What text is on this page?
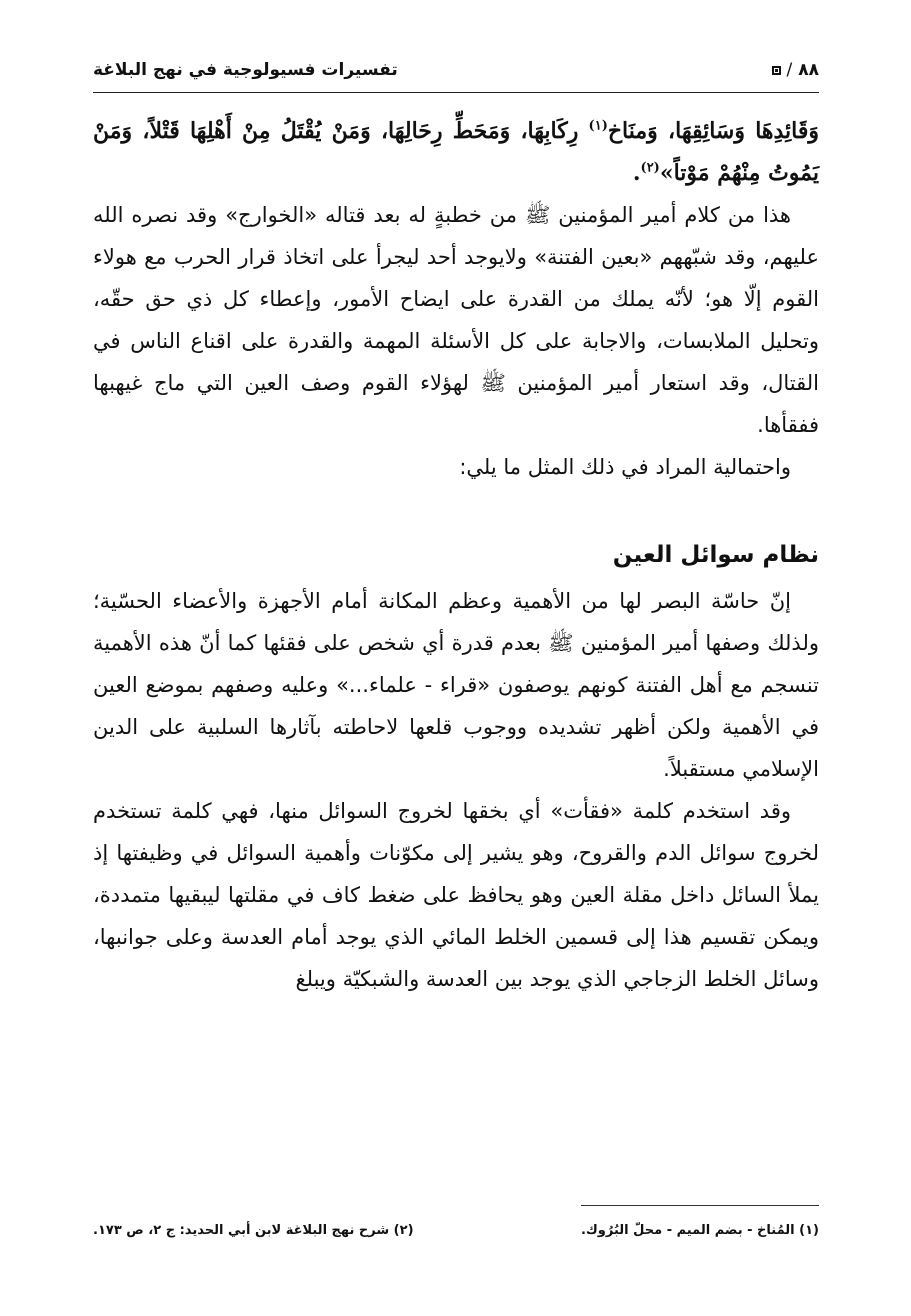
٨٨
/
تفسيرات فسيولوجية في نهج البلاغة

وَقَائِدِهَا وَسَائِقِهَا، وَمنَاخ$^{(١)}$ رِكَابِهَا، وَمَحَطِّ رِحَالِهَا، وَمَنْ يُقْتَلُ مِنْ أَهْلِهَا قَتْلاً، وَمَنْ يَمُوتُ مِنْهُمْ مَوْتاً»$^{(٢)}$.

هذا من كلام أمير المؤمنين ﷺ من خطبةٍ له بعد قتاله «الخوارج» وقد نصره الله عليهم، وقد شبّههم «بعين الفتنة» ولايوجد أحد ليجرأ على اتخاذ قرار الحرب مع هولاء القوم إلّا هو؛ لأنّه يملك من القدرة على ايضاح الأمور، وإعطاء كل ذي حق حقّه، وتحليل الملابسات، والاجابة على كل الأسئلة المهمة والقدرة على اقناع الناس في القتال، وقد استعار أمير المؤمنين ﷺ لهؤلاء القوم وصف العين التي ماج غيهبها ففقأها.

واحتمالية المراد في ذلك المثل ما يلي:

نظام سوائل العين

إنّ حاسّة البصر لها من الأهمية وعظم المكانة أمام الأجهزة والأعضاء الحسّية؛ ولذلك وصفها أمير المؤمنين ﷺ بعدم قدرة أي شخص على فقئها كما أنّ هذه الأهمية تنسجم مع أهل الفتنة كونهم يوصفون «قراء - علماء...» وعليه وصفهم بموضع العين في الأهمية ولكن أظهر تشديده ووجوب قلعها لاحاطته بآثارها السلبية على الدين الإسلامي مستقبلاً.

وقد استخدم كلمة «فقأت» أي بخقها لخروج السوائل منها، فهي كلمة تستخدم لخروج سوائل الدم والقروح، وهو يشير إلى مكوّنات وأهمية السوائل في وظيفتها إذ يملأ السائل داخل مقلة العين وهو يحافظ على ضغط كاف في مقلتها ليبقيها متمددة، ويمكن تقسيم هذا إلى قسمين الخلط المائي الذي يوجد أمام العدسة وعلى جوانبها، وسائل الخلط الزجاجي الذي يوجد بين العدسة والشبكيّة ويبلغ

(١) المُناخ - بضم الميم - محلّ البُرُوك.
(٢) شرح نهج البلاغة لابن أبي الحديد: ج ٢، ص ١٧٣.
